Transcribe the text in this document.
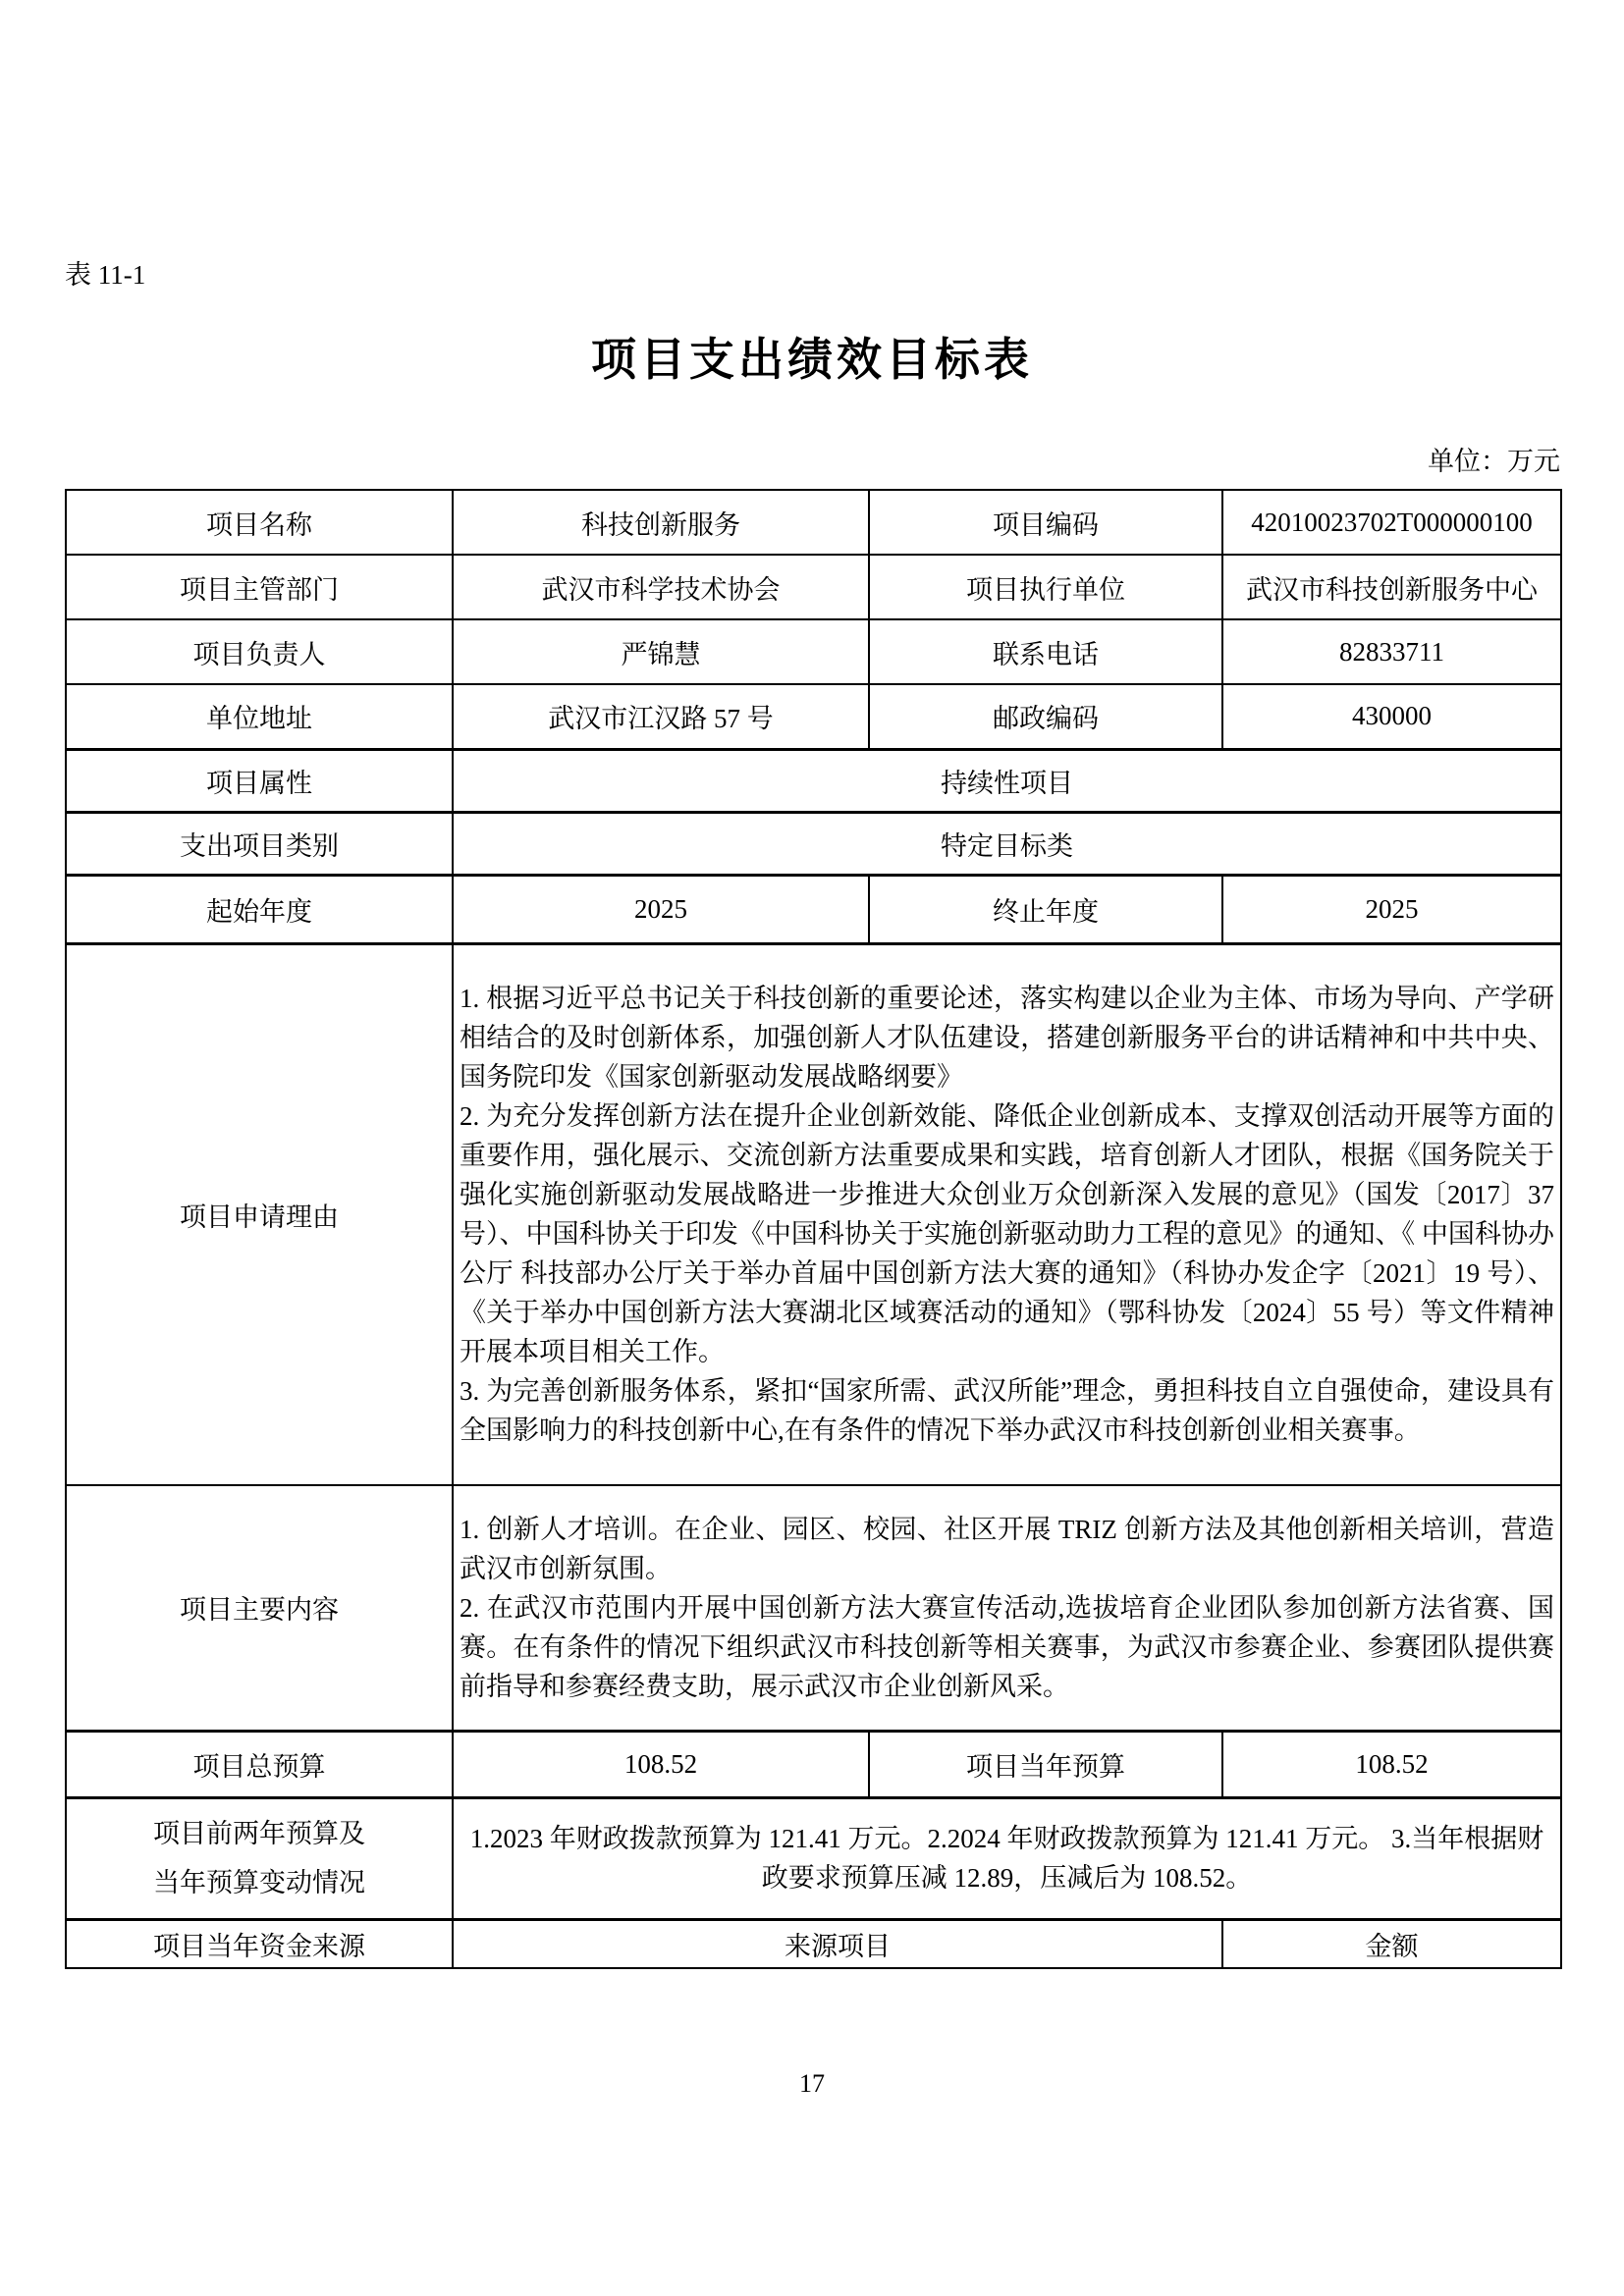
表 11-1
项目支出绩效目标表
单位：万元
项目名称	科技创新服务	项目编码	42010023702T000000100
项目主管部门	武汉市科学技术协会	项目执行单位	武汉市科技创新服务中心
项目负责人	严锦慧	联系电话	82833711
单位地址	武汉市江汉路 57 号	邮政编码	430000
项目属性	持续性项目		
支出项目类别	特定目标类		
起始年度	2025	终止年度	2025
项目申请理由	1. 根据习近平总书记关于科技创新的重要论述，落实构建以企业为主体、市场为导向、产学研相结合的及时创新体系，加强创新人才队伍建设，搭建创新服务平台的讲话精神和中共中央、国务院印发《国家创新驱动发展战略纲要》

2. 为充分发挥创新方法在提升企业创新效能、降低企业创新成本、支撑双创活动开展等方面的重要作用，强化展示、交流创新方法重要成果和实践，培育创新人才团队，根据《国务院关于强化实施创新驱动发展战略进一步推进大众创业万众创新深入发展的意见》（国发〔2017〕37 号）、中国科协关于印发《中国科协关于实施创新驱动助力工程的意见》的通知、《 中国科协办公厅 科技部办公厅关于举办首届中国创新方法大赛的通知》（科协办发企字〔2021〕19 号）、《关于举办中国创新方法大赛湖北区域赛活动的通知》（鄂科协发〔2024〕55 号）等文件精神开展本项目相关工作。

3. 为完善创新服务体系，紧扣“国家所需、武汉所能”理念，勇担科技自立自强使命，建设具有全国影响力的科技创新中心,在有条件的情况下举办武汉市科技创新创业相关赛事。		

项目主要内容	1. 创新人才培训。在企业、园区、校园、社区开展 TRIZ 创新方法及其他创新相关培训，营造武汉市创新氛围。

2. 在武汉市范围内开展中国创新方法大赛宣传活动,选拔培育企业团队参加创新方法省赛、国赛。在有条件的情况下组织武汉市科技创新等相关赛事，为武汉市参赛企业、参赛团队提供赛前指导和参赛经费支助，展示武汉市企业创新风采。		

项目总预算	108.52	项目当年预算	108.52

项目前两年预算及
当年预算变动情况	1.2023 年财政拨款预算为 121.41 万元。2.2024 年财政拨款预算为 121.41 万元。 3.当年根据财政要求预算压减 12.89，压减后为 108.52。		
项目当年资金来源	来源项目		金额
17
